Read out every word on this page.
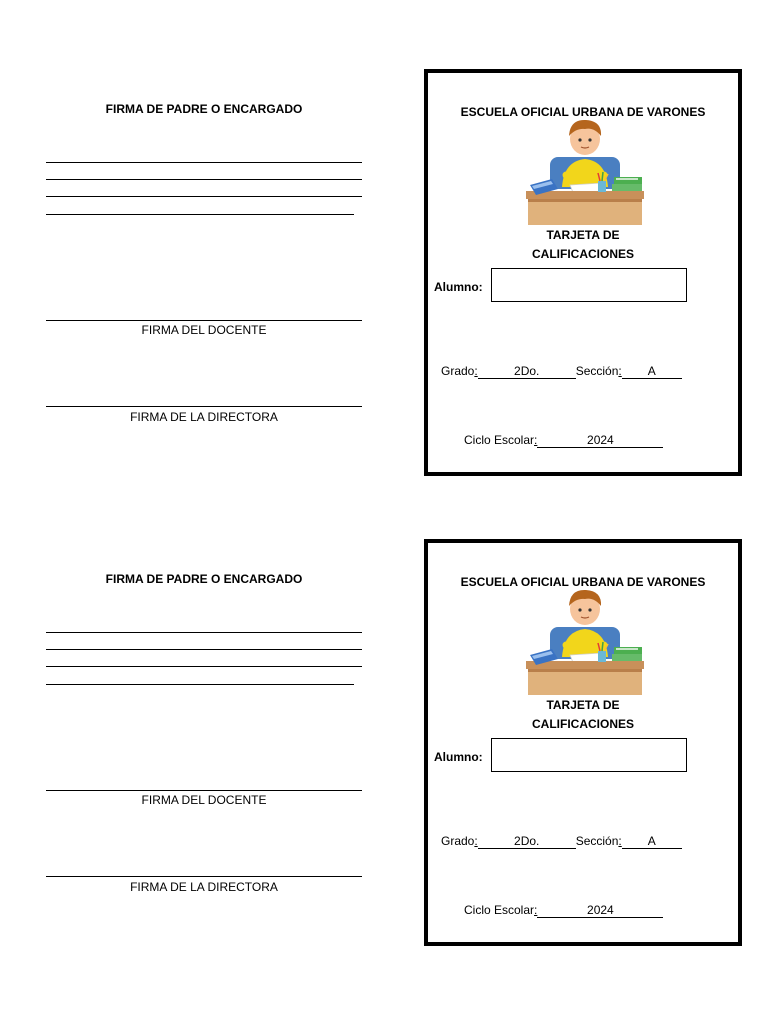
FIRMA DE PADRE O ENCARGADO
FIRMA DEL DOCENTE
FIRMA DE LA DIRECTORA
ESCUELA OFICIAL URBANA DE VARONES
TARJETA DE
CALIFICACIONES
Alumno:
Grado:	2Do.	Sección: A
Ciclo Escolar:	2024
FIRMA DE PADRE O ENCARGADO
FIRMA DEL DOCENTE
FIRMA DE LA DIRECTORA
ESCUELA OFICIAL URBANA DE VARONES
TARJETA DE
CALIFICACIONES
Alumno:
Grado:	2Do.	Sección: A
Ciclo Escolar:	2024
